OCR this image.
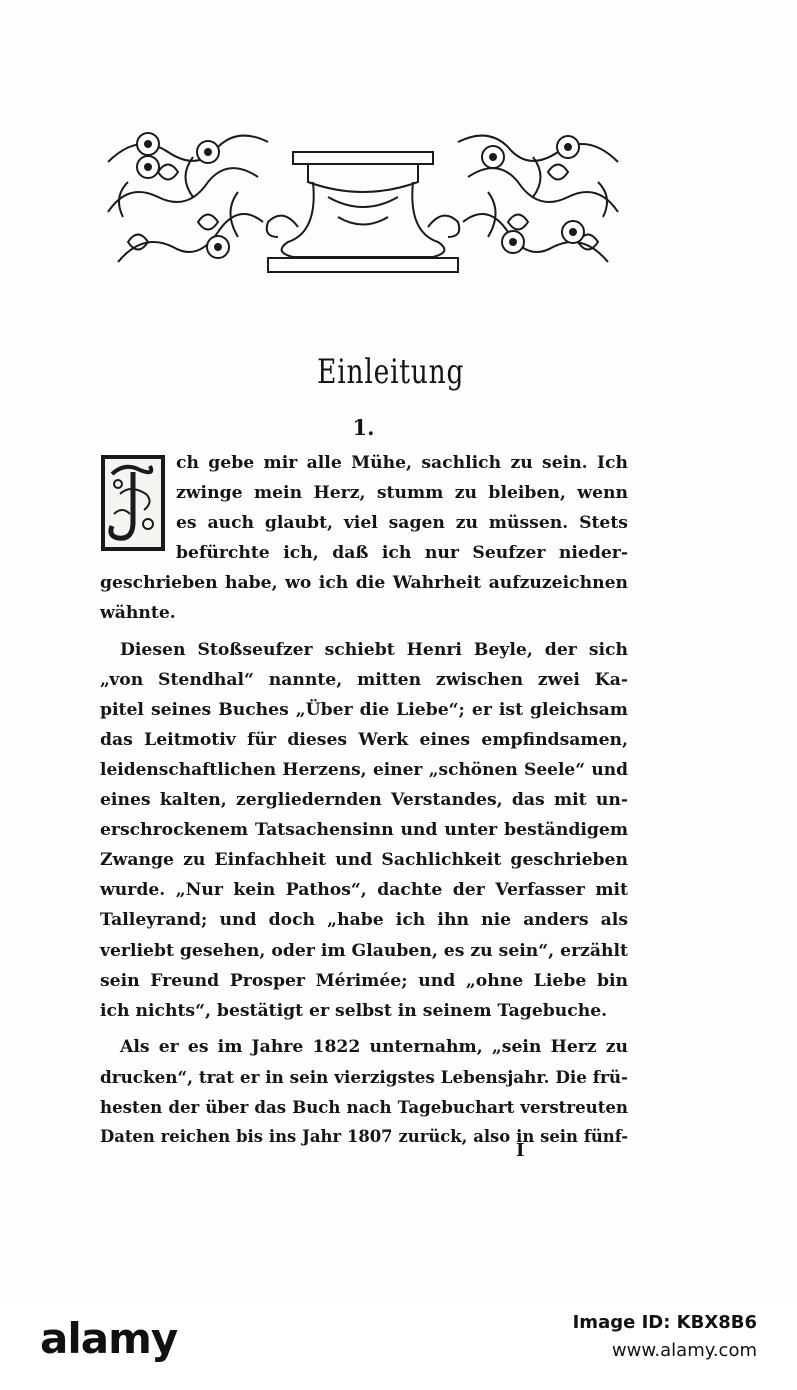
Einleitung
1.
ch gebe mir alle Mühe, sachlich zu sein. Ich
zwinge mein Herz, stumm zu bleiben, wenn
es auch glaubt, viel sagen zu müssen. Stets
befürchte ich, daß ich nur Seufzer nieder-
geschrieben habe, wo ich die Wahrheit aufzuzeichnen
wähnte.
Diesen Stoßseufzer schiebt Henri Beyle, der sich
„von Stendhal“ nannte, mitten zwischen zwei Ka-
pitel seines Buches „Über die Liebe“; er ist gleichsam
das Leitmotiv für dieses Werk eines empfindsamen,
leidenschaftlichen Herzens, einer „schönen Seele“ und
eines kalten, zergliedernden Verstandes, das mit un-
erschrockenem Tatsachensinn und unter beständigem
Zwange zu Einfachheit und Sachlichkeit geschrieben
wurde. „Nur kein Pathos“, dachte der Verfasser mit
Talleyrand; und doch „habe ich ihn nie anders als
verliebt gesehen, oder im Glauben, es zu sein“, erzählt
sein Freund Prosper Mérimée; und „ohne Liebe bin
ich nichts“, bestätigt er selbst in seinem Tagebuche.
Als er es im Jahre 1822 unternahm, „sein Herz zu
drucken“, trat er in sein vierzigstes Lebensjahr. Die frü-
hesten der über das Buch nach Tagebuchart verstreuten
Daten reichen bis ins Jahr 1807 zurück, also in sein fünf-
I
alamy	Image ID: KBX8B6
www.alamy.com
